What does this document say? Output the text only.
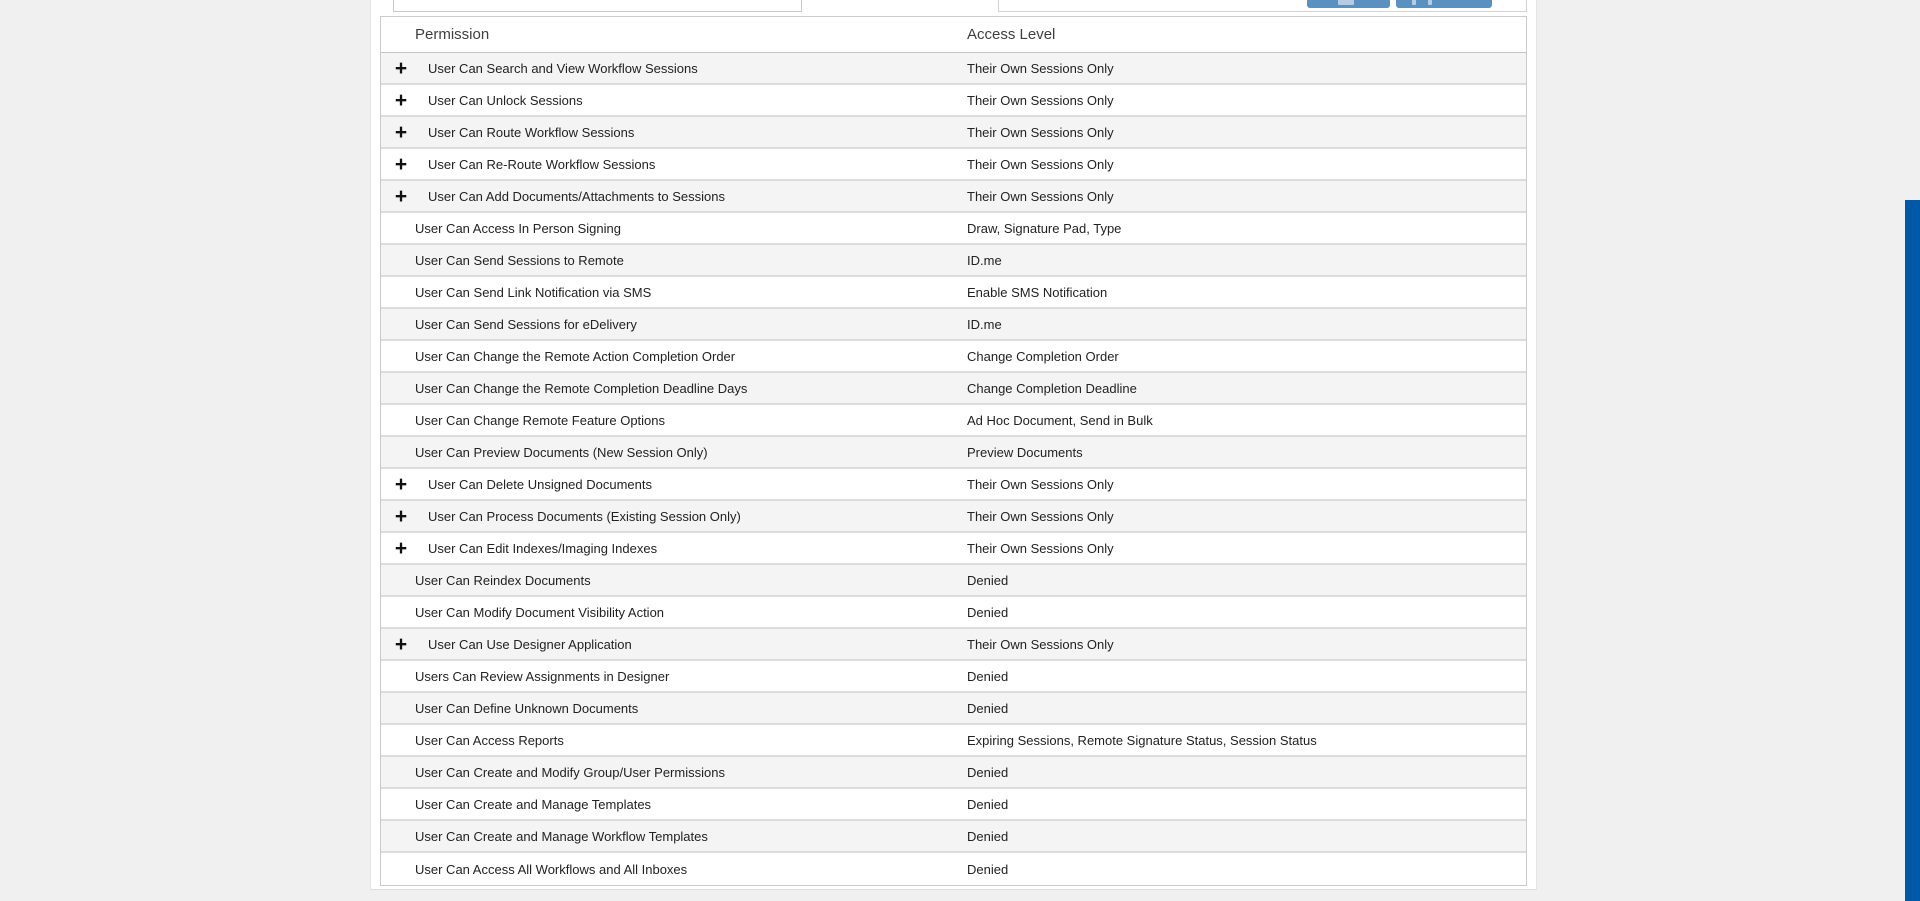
Permission	Access Level
+	User Can Search and View Workflow Sessions	Their Own Sessions Only
+	User Can Unlock Sessions	Their Own Sessions Only
+	User Can Route Workflow Sessions	Their Own Sessions Only
+	User Can Re-Route Workflow Sessions	Their Own Sessions Only
+	User Can Add Documents/Attachments to Sessions	Their Own Sessions Only
User Can Access In Person Signing	Draw, Signature Pad, Type
User Can Send Sessions to Remote	ID.me
User Can Send Link Notification via SMS	Enable SMS Notification
User Can Send Sessions for eDelivery	ID.me
User Can Change the Remote Action Completion Order	Change Completion Order
User Can Change the Remote Completion Deadline Days	Change Completion Deadline
User Can Change Remote Feature Options	Ad Hoc Document, Send in Bulk
User Can Preview Documents (New Session Only)	Preview Documents
+	User Can Delete Unsigned Documents	Their Own Sessions Only
+	User Can Process Documents (Existing Session Only)	Their Own Sessions Only
+	User Can Edit Indexes/Imaging Indexes	Their Own Sessions Only
User Can Reindex Documents	Denied
User Can Modify Document Visibility Action	Denied
+	User Can Use Designer Application	Their Own Sessions Only
Users Can Review Assignments in Designer	Denied
User Can Define Unknown Documents	Denied
User Can Access Reports	Expiring Sessions, Remote Signature Status, Session Status
User Can Create and Modify Group/User Permissions	Denied
User Can Create and Manage Templates	Denied
User Can Create and Manage Workflow Templates	Denied
User Can Access All Workflows and All Inboxes	Denied
